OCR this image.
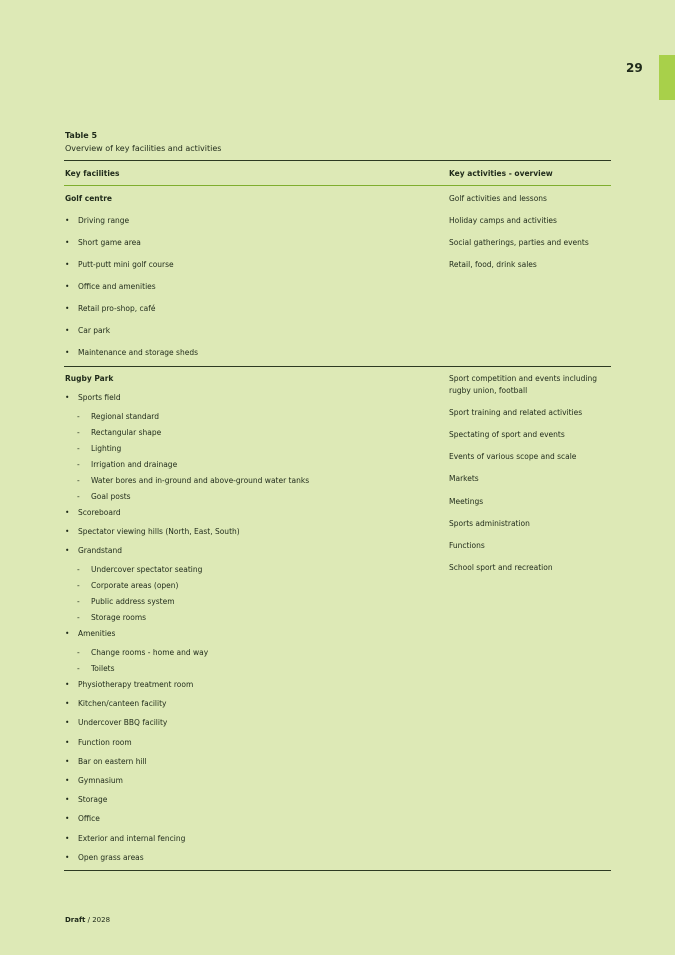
29
Table 5
Overview of key facilities and activities
Key facilities	Key activities - overview
Golf centre
• Driving range
• Short game area
• Putt-putt mini golf course
• Office and amenities
• Retail pro-shop, café
• Car park
• Maintenance and storage sheds
Golf activities and lessons
Holiday camps and activities
Social gatherings, parties and events
Retail, food, drink sales
Rugby Park
• Sports field
- Regional standard
- Rectangular shape
- Lighting
- Irrigation and drainage
- Water bores and in-ground and above-ground water tanks
- Goal posts
• Scoreboard
• Spectator viewing hills (North, East, South)
• Grandstand
- Undercover spectator seating
- Corporate areas (open)
- Public address system
- Storage rooms
• Amenities
- Change rooms - home and way
- Toilets
• Physiotherapy treatment room
• Kitchen/canteen facility
• Undercover BBQ facility
• Function room
• Bar on eastern hill
• Gymnasium
• Storage
• Office
• Exterior and internal fencing
• Open grass areas
Sport competition and events including rugby union, football
Sport training and related activities
Spectating of sport and events
Events of various scope and scale
Markets
Meetings
Sports administration
Functions
School sport and recreation
Draft / 2028
